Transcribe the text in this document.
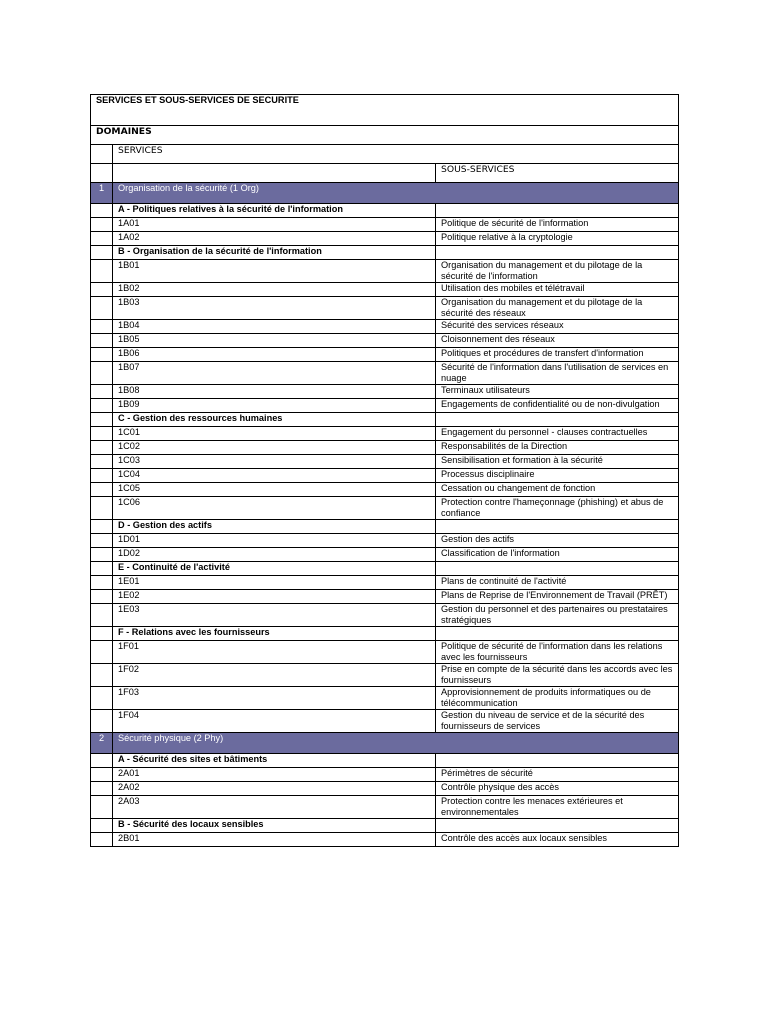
SERVICES ET SOUS-SERVICES DE SECURITE		
DOMAINES		
	SERVICES	
		SOUS-SERVICES
1	Organisation de la sécurité (1 Org)	
	A - Politiques relatives à la sécurité de l'information	
	1A01	Politique de sécurité de l'information
	1A02	Politique relative à la cryptologie
	B - Organisation de la sécurité de l'information	
	1B01	Organisation du management et du pilotage de la sécurité de l'information
	1B02	Utilisation des mobiles et télétravail
	1B03	Organisation du management et du pilotage de la sécurité des réseaux
	1B04	Sécurité des services réseaux
	1B05	Cloisonnement des réseaux
	1B06	Politiques et procédures de transfert d'information
	1B07	Sécurité de l'information dans l'utilisation de services en nuage
	1B08	Terminaux utilisateurs
	1B09	Engagements de confidentialité ou de non-divulgation
	C - Gestion des ressources humaines	
	1C01	Engagement du personnel - clauses contractuelles
	1C02	Responsabilités de la Direction
	1C03	Sensibilisation et formation à la sécurité
	1C04	Processus disciplinaire
	1C05	Cessation ou changement de fonction
	1C06	Protection contre l'hameçonnage (phishing) et abus de confiance
	D - Gestion des actifs	
	1D01	Gestion des actifs
	1D02	Classification de l'information
	E - Continuité de l'activité	
	1E01	Plans de continuité de l'activité
	1E02	Plans de Reprise de l'Environnement de Travail (PRÊT)
	1E03	Gestion du personnel et des partenaires ou prestataires stratégiques
	F - Relations avec les fournisseurs	
	1F01	Politique de sécurité de l'information dans les relations avec les fournisseurs
	1F02	Prise en compte de la sécurité dans les accords avec les fournisseurs
	1F03	Approvisionnement de produits informatiques ou de télécommunication
	1F04	Gestion du niveau de service et de la sécurité des fournisseurs de services
2	Sécurité physique (2 Phy)	
	A - Sécurité des sites et bâtiments	
	2A01	Périmètres de sécurité
	2A02	Contrôle physique des accès
	2A03	Protection contre les menaces extérieures et environnementales
	B - Sécurité des locaux sensibles	
	2B01	Contrôle des accès aux locaux sensibles
